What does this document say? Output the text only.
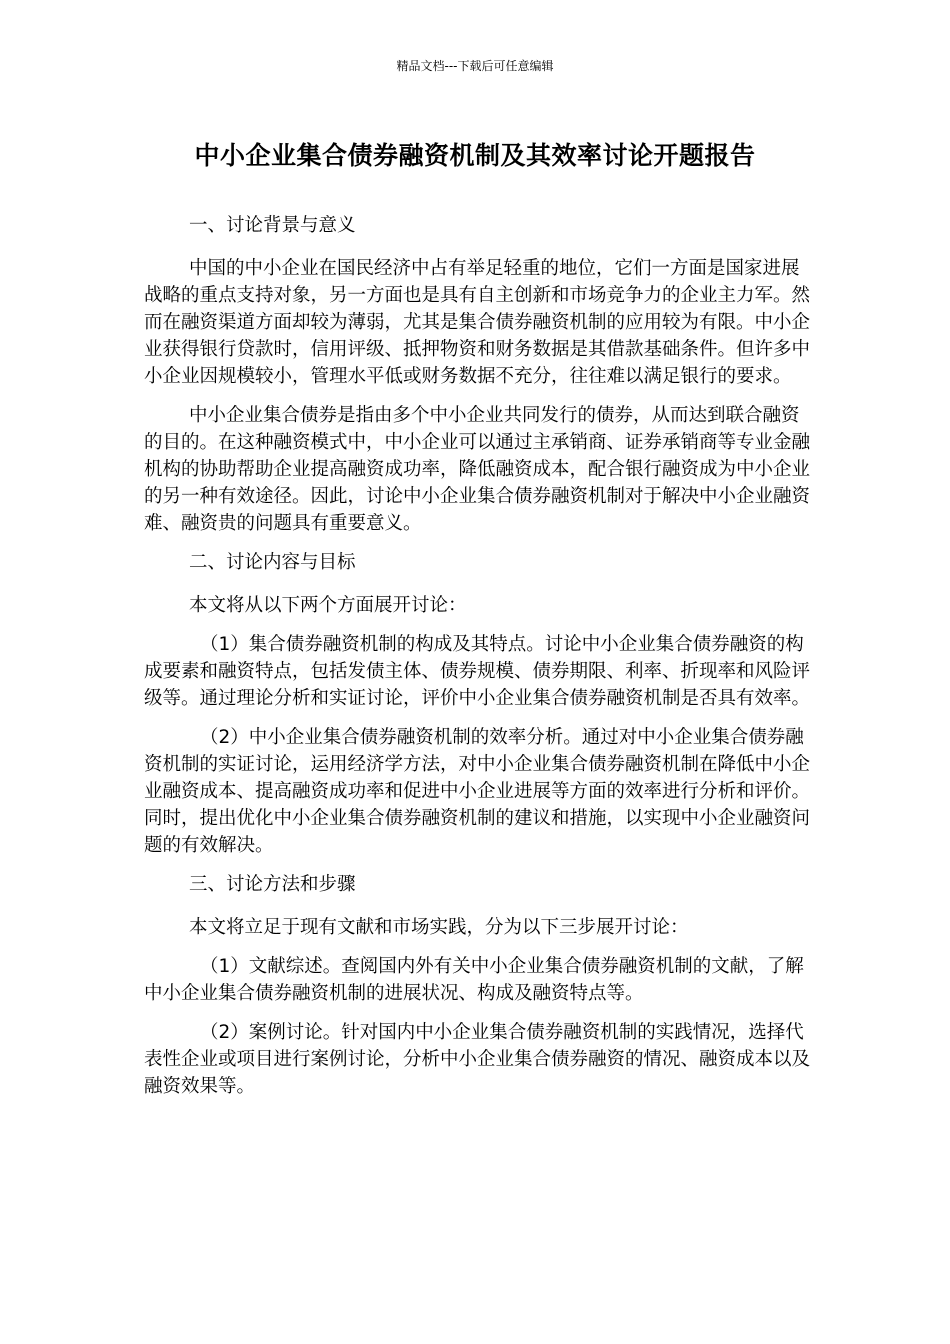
精品文档---下载后可任意编辑
中小企业集合债券融资机制及其效率讨论开题报告

一、讨论背景与意义

中国的中小企业在国民经济中占有举足轻重的地位，它们一方面是国家进展战略的重点支持对象，另一方面也是具有自主创新和市场竞争力的企业主力军。然而在融资渠道方面却较为薄弱，尤其是集合债券融资机制的应用较为有限。中小企业获得银行贷款时，信用评级、抵押物资和财务数据是其借款基础条件。但许多中小企业因规模较小，管理水平低或财务数据不充分，往往难以满足银行的要求。

中小企业集合债券是指由多个中小企业共同发行的债券，从而达到联合融资的目的。在这种融资模式中，中小企业可以通过主承销商、证券承销商等专业金融机构的协助帮助企业提高融资成功率，降低融资成本，配合银行融资成为中小企业的另一种有效途径。因此，讨论中小企业集合债券融资机制对于解决中小企业融资难、融资贵的问题具有重要意义。

二、讨论内容与目标

本文将从以下两个方面展开讨论：

（1）集合债券融资机制的构成及其特点。讨论中小企业集合债券融资的构成要素和融资特点，包括发债主体、债券规模、债券期限、利率、折现率和风险评级等。通过理论分析和实证讨论，评价中小企业集合债券融资机制是否具有效率。

（2）中小企业集合债券融资机制的效率分析。通过对中小企业集合债券融资机制的实证讨论，运用经济学方法，对中小企业集合债券融资机制在降低中小企业融资成本、提高融资成功率和促进中小企业进展等方面的效率进行分析和评价。同时，提出优化中小企业集合债券融资机制的建议和措施，以实现中小企业融资问题的有效解决。

三、讨论方法和步骤

本文将立足于现有文献和市场实践，分为以下三步展开讨论：

（1）文献综述。查阅国内外有关中小企业集合债券融资机制的文献，了解中小企业集合债券融资机制的进展状况、构成及融资特点等。

（2）案例讨论。针对国内中小企业集合债券融资机制的实践情况，选择代表性企业或项目进行案例讨论，分析中小企业集合债券融资的情况、融资成本以及融资效果等。
